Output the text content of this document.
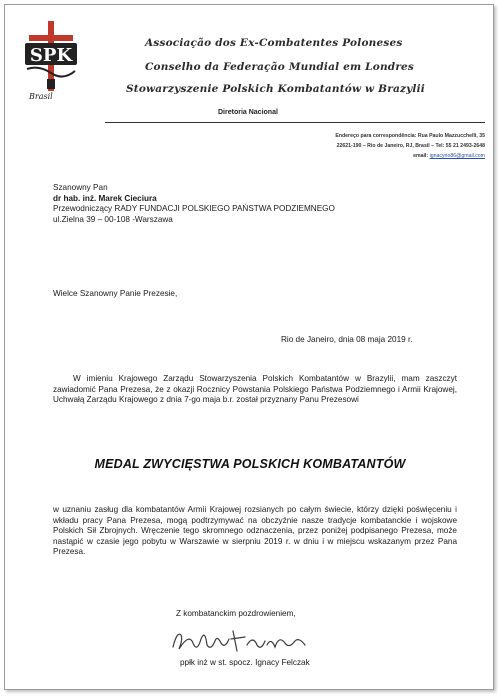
SPK
Brasil
Associação dos Ex-Combatentes Poloneses
Conselho da Federação Mundial em Londres
Stowarzyszenie Polskich Kombatantów w Brazylii
Diretoria Nacional
Endereço para correspondência: Rua Paulo Mazzucchelli, 35
22621-190 – Rio de Janeiro, RJ, Brasil – Tel: 55 21 2493-2648
email: ignacyrio86@gmail.com
Szanowny Pan
dr hab. inż. Marek Cieciura
Przewodniczący RADY FUNDACJI POLSKIEGO PAŃSTWA PODZIEMNEGO
ul.Zielna 39 – 00-108 -Warszawa
Wielce Szanowny Panie Prezesie,
Rio de Janeiro, dnia 08 maja 2019 r.
W imieniu Krajowego Zarządu Stowarzyszenia Polskich Kombatantów w Brazylii, mam zaszczyt zawiadomić Pana Prezesa, że z okazji Rocznicy Powstania Polskiego Państwa Podziemnego i Armii Krajowej, Uchwałą Zarządu Krajowego z dnia 7-go maja b.r. został przyznany Panu Prezesowi
MEDAL ZWYCIĘSTWA POLSKICH KOMBATANTÓW
w uznaniu zasług dla kombatantów Armii Krajowej rozsianych po całym świecie, którzy dzięki poświęceniu i wkładu pracy Pana Prezesa, mogą podtrzymywać na obczyźnie nasze tradycje kombatanckie i wojskowe Polskich Sił Zbrojnych. Wręczenie tego skromnego odznaczenia, przez poniżej podpisanego Prezesa, może nastąpić w czasie jego pobytu w Warszawie w sierpniu 2019 r. w dniu i w miejscu wskazanym przez Pana Prezesa.
Z kombatanckim pozdrowieniem,
ppłk inż w st. spocz. Ignacy Felczak
